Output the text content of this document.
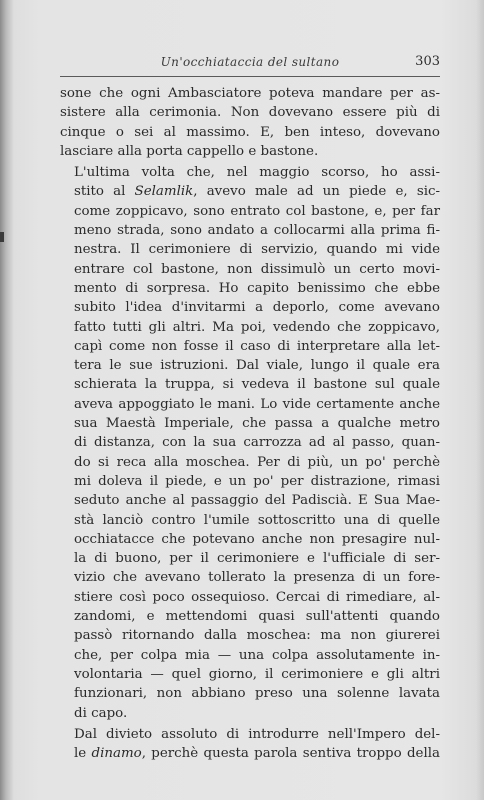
Un'occhiataccia del sultano	303

sone che ogni Ambasciatore poteva mandare per as-
sistere alla cerimonia. Non dovevano essere più di
cinque o sei al massimo. E, ben inteso, dovevano
lasciare alla porta cappello e bastone.

L'ultima volta che, nel maggio scorso, ho assi-
stito al Selamlik, avevo male ad un piede e, sic-
come zoppicavo, sono entrato col bastone, e, per far
meno strada, sono andato a collocarmi alla prima fi-
nestra. Il cerimoniere di servizio, quando mi vide
entrare col bastone, non dissimulò un certo movi-
mento di sorpresa. Ho capito benissimo che ebbe
subito l'idea d'invitarmi a deporlo, come avevano
fatto tutti gli altri. Ma poi, vedendo che zoppicavo,
capì come non fosse il caso di interpretare alla let-
tera le sue istruzioni. Dal viale, lungo il quale era
schierata la truppa, si vedeva il bastone sul quale
aveva appoggiato le mani. Lo vide certamente anche
sua Maestà Imperiale, che passa a qualche metro
di distanza, con la sua carrozza ad al passo, quan-
do si reca alla moschea. Per di più, un po' perchè
mi doleva il piede, e un po' per distrazione, rimasi
seduto anche al passaggio del Padiscià. E Sua Mae-
stà lanciò contro l'umile sottoscritto una di quelle
occhiatacce che potevano anche non presagire nul-
la di buono, per il cerimoniere e l'ufficiale di ser-
vizio che avevano tollerato la presenza di un fore-
stiere così poco ossequioso. Cercai di rimediare, al-
zandomi, e mettendomi quasi sull'attenti quando
passò ritornando dalla moschea: ma non giurerei
che, per colpa mia — una colpa assolutamente in-
volontaria — quel giorno, il cerimoniere e gli altri
funzionari, non abbiano preso una solenne lavata
di capo.

Dal divieto assoluto di introdurre nell'Impero del-
le dinamo, perchè questa parola sentiva troppo della
